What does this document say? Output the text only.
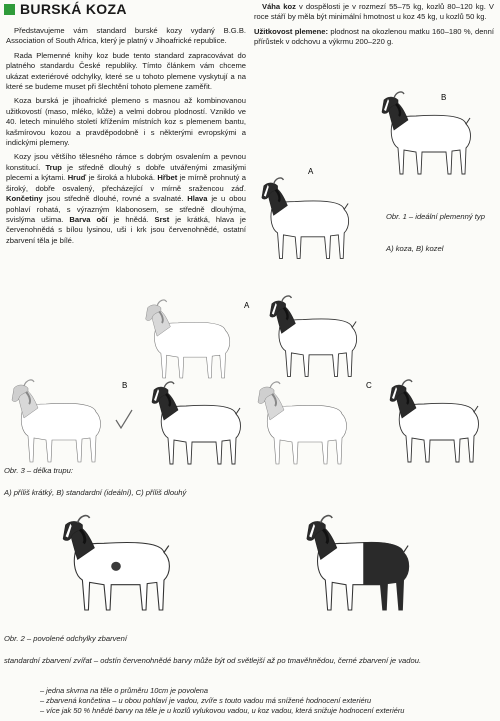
BURSKÁ KOZA

Představujeme vám standard burské kozy vydaný B.G.B. Association of South Africa, který je platný v Jihoafrické republice.

Rada Plemenné knihy koz bude tento standard zapracovávat do platného standardu České republiky. Tímto článkem vám chceme ukázat exteriérové odchylky, které se u tohoto plemene vyskytují a na které se budeme muset při šlechtění tohoto plemene zaměřit.

Koza burská je jihoafrické plemeno s masnou až kombinovanou užitkovostí (maso, mléko, kůže) a velmi dobrou plodností. Vzniklo ve 40. letech minulého století křížením místních koz s plemenem bantu, kašmírovou kozou a pravděpodobně i s některými evropskými a indickými plemeny.

Kozy jsou většího tělesného rámce s dobrým osvalením a pevnou konstitucí. Trup je středně dlouhý s dobře utvářenými zmasilými plecemi a kýtami. Hruď je široká a hluboká. Hřbet je mírně prohnutý a široký, dobře osvalený, přecházející v mírně sražencou záď. Končetiny jsou středně dlouhé, rovné a svalnaté. Hlava je u obou pohlaví rohatá, s výrazným klabonosem, se středně dlouhýma, svislýma ušima. Barva očí je hnědá. Srst je krátká, hlava je červenohnědá s bílou lysinou, uši i krk jsou červenohnědé, ostatní zbarvení těla je bílé.

Váha koz v dospělosti je v rozmezí 55–75 kg, kozlů 80–120 kg. V roce stáří by měla být minimální hmotnost u koz 45 kg, u kozlů 50 kg.

Užitkovost plemene: plodnost na okozlenou matku 160–180 %, denní přírůstek v odchovu a výkrmu 200–220 g.

A
B
Obr. 1 – ideální plemenný typ
A) koza, B) kozel
A
B	C
Obr. 3 – délka trupu:
A) příliš krátký, B) standardní (ideální), C) příliš dlouhý
Obr. 2 – povolené odchylky zbarvení
standardní zbarvení zvířat – odstín červenohnědé barvy může být od světlejší až po tmavěhnědou, černé zbarvení je vadou.
– jedna skvrna na těle o průměru 10cm je povolena
– zbarvená končetina – u obou pohlaví je vadou, zvíře s touto vadou má snížené hodnocení exteriéru
– více jak 50 % hnědé barvy na těle je u kozlů vylukovou vadou, u koz vadou, která snižuje hodnocení exteriéru
